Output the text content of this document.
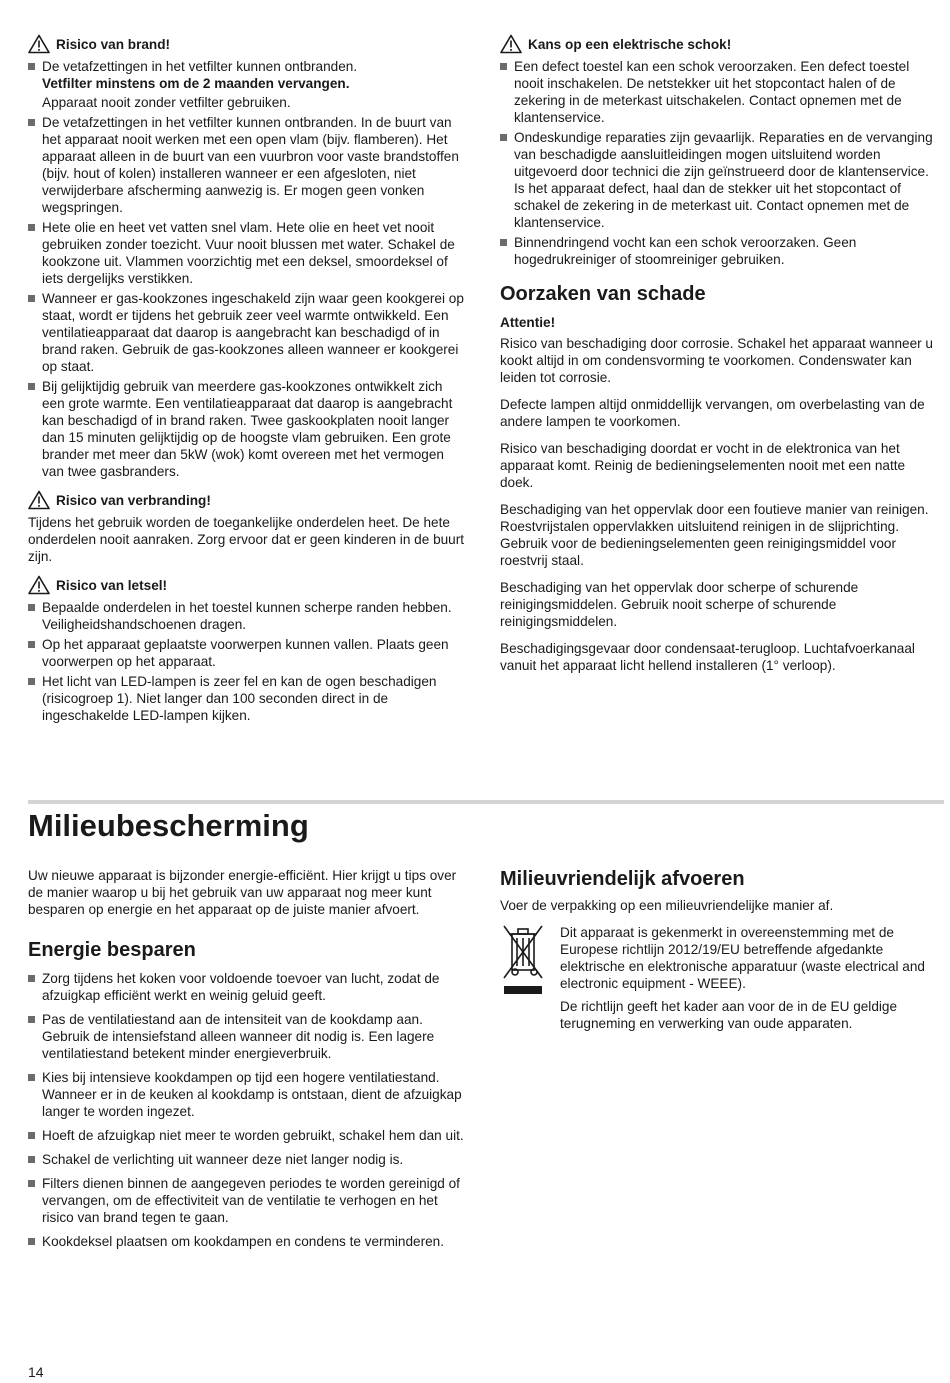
Risico van brand!
De vetafzettingen in het vetfilter kunnen ontbranden.
Vetfilter minstens om de 2 maanden vervangen.
Apparaat nooit zonder vetfilter gebruiken.
De vetafzettingen in het vetfilter kunnen ontbranden. In de buurt van het apparaat nooit werken met een open vlam (bijv. flamberen). Het apparaat alleen in de buurt van een vuurbron voor vaste brandstoffen (bijv. hout of kolen) installeren wanneer er een afgesloten, niet verwijderbare afscherming aanwezig is. Er mogen geen vonken wegspringen.
Hete olie en heet vet vatten snel vlam. Hete olie en heet vet nooit gebruiken zonder toezicht. Vuur nooit blussen met water. Schakel de kookzone uit. Vlammen voorzichtig met een deksel, smoordeksel of iets dergelijks verstikken.
Wanneer er gas-kookzones ingeschakeld zijn waar geen kookgerei op staat, wordt er tijdens het gebruik zeer veel warmte ontwikkeld. Een ventilatieapparaat dat daarop is aangebracht kan beschadigd of in brand raken. Gebruik de gas-kookzones alleen wanneer er kookgerei op staat.
Bij gelijktijdig gebruik van meerdere gas-kookzones ontwikkelt zich een grote warmte. Een ventilatieapparaat dat daarop is aangebracht kan beschadigd of in brand raken. Twee gaskookplaten nooit langer dan 15 minuten gelijktijdig op de hoogste vlam gebruiken. Een grote brander met meer dan 5kW (wok) komt overeen met het vermogen van twee gasbranders.
Risico van verbranding!

Tijdens het gebruik worden de toegankelijke onderdelen heet. De hete onderdelen nooit aanraken. Zorg ervoor dat er geen kinderen in de buurt zijn.

Risico van letsel!
Bepaalde onderdelen in het toestel kunnen scherpe randen hebben. Veiligheidshandschoenen dragen.
Op het apparaat geplaatste voorwerpen kunnen vallen. Plaats geen voorwerpen op het apparaat.
Het licht van LED-lampen is zeer fel en kan de ogen beschadigen (risicogroep 1). Niet langer dan 100 seconden direct in de ingeschakelde LED-lampen kijken.
Kans op een elektrische schok!
Een defect toestel kan een schok veroorzaken. Een defect toestel nooit inschakelen. De netstekker uit het stopcontact halen of de zekering in de meterkast uitschakelen. Contact opnemen met de klantenservice.
Ondeskundige reparaties zijn gevaarlijk. Reparaties en de vervanging van beschadigde aansluitleidingen mogen uitsluitend worden uitgevoerd door technici die zijn geïnstrueerd door de klantenservice. Is het apparaat defect, haal dan de stekker uit het stopcontact of schakel de zekering in de meterkast uit. Contact opnemen met de klantenservice.
Binnendringend vocht kan een schok veroorzaken. Geen hogedrukreiniger of stoomreiniger gebruiken.
Oorzaken van schade

Attentie!

Risico van beschadiging door corrosie. Schakel het apparaat wanneer u kookt altijd in om condensvorming te voorkomen. Condenswater kan leiden tot corrosie.

Defecte lampen altijd onmiddellijk vervangen, om overbelasting van de andere lampen te voorkomen.

Risico van beschadiging doordat er vocht in de elektronica van het apparaat komt. Reinig de bedieningselementen nooit met een natte doek.

Beschadiging van het oppervlak door een foutieve manier van reinigen. Roestvrijstalen oppervlakken uitsluitend reinigen in de slijprichting. Gebruik voor de bedieningselementen geen reinigingsmiddel voor roestvrij staal.

Beschadiging van het oppervlak door scherpe of schurende reinigingsmiddelen. Gebruik nooit scherpe of schurende reinigingsmiddelen.

Beschadigingsgevaar door condensaat-terugloop. Luchtafvoerkanaal vanuit het apparaat licht hellend installeren (1° verloop).

Milieubescherming

Uw nieuwe apparaat is bijzonder energie-efficiënt. Hier krijgt u tips over de manier waarop u bij het gebruik van uw apparaat nog meer kunt besparen op energie en het apparaat op de juiste manier afvoert.

Energie besparen
Zorg tijdens het koken voor voldoende toevoer van lucht, zodat de afzuigkap efficiënt werkt en weinig geluid geeft.
Pas de ventilatiestand aan de intensiteit van de kookdamp aan. Gebruik de intensiefstand alleen wanneer dit nodig is. Een lagere ventilatiestand betekent minder energieverbruik.
Kies bij intensieve kookdampen op tijd een hogere ventilatiestand. Wanneer er in de keuken al kookdamp is ontstaan, dient de afzuigkap langer te worden ingezet.
Hoeft de afzuigkap niet meer te worden gebruikt, schakel hem dan uit.
Schakel de verlichting uit wanneer deze niet langer nodig is.
Filters dienen binnen de aangegeven periodes te worden gereinigd of vervangen, om de effectiviteit van de ventilatie te verhogen en het risico van brand tegen te gaan.
Kookdeksel plaatsen om kookdampen en condens te verminderen.
Milieuvriendelijk afvoeren

Voer de verpakking op een milieuvriendelijke manier af.

Dit apparaat is gekenmerkt in overeenstemming met de Europese richtlijn 2012/19/EU betreffende afgedankte elektrische en elektronische apparatuur (waste electrical and electronic equipment - WEEE).

De richtlijn geeft het kader aan voor de in de EU geldige terugneming en verwerking van oude apparaten.

14
